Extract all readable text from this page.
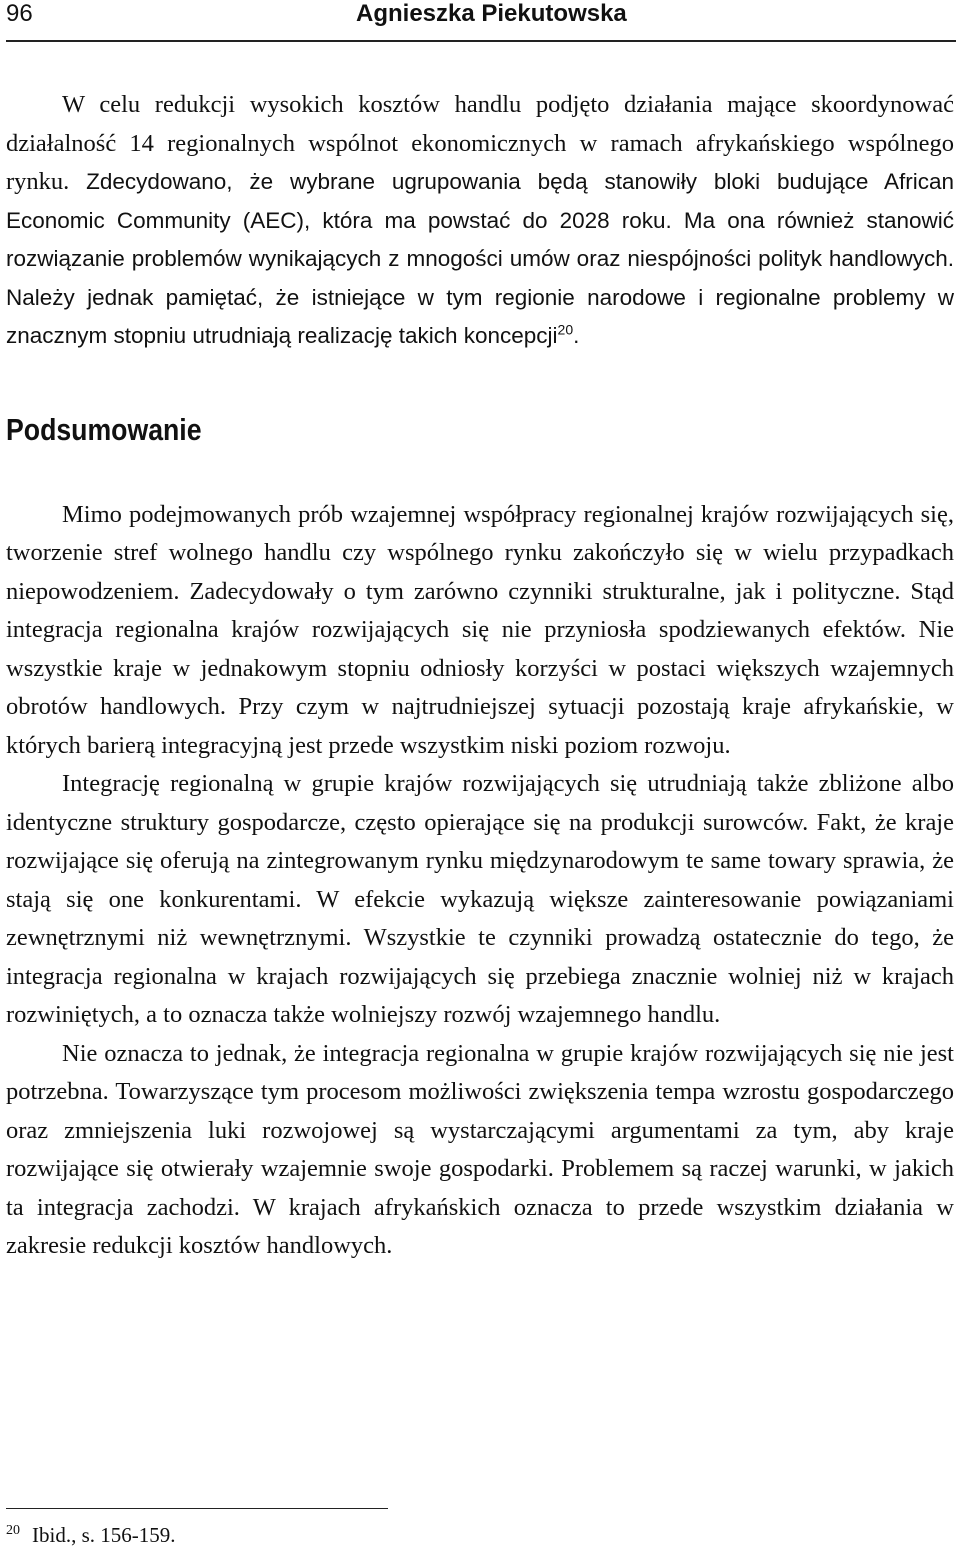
96	Agnieszka Piekutowska

W celu redukcji wysokich kosztów handlu podjęto działania mające skoordynować działalność 14 regionalnych wspólnot ekonomicznych w ramach afrykańskiego wspólnego rynku. Zdecydowano, że wybrane ugrupowania będą stanowiły bloki budujące African Economic Community (AEC), która ma powstać do 2028 roku. Ma ona również stanowić rozwiązanie problemów wynikających z mnogości umów oraz niespójności polityk handlowych. Należy jednak pamiętać, że istniejące w tym regionie narodowe i regionalne problemy w znacznym stopniu utrudniają realizację takich koncepcji$^{20}$.

Podsumowanie

Mimo podejmowanych prób wzajemnej współpracy regionalnej krajów rozwijających się, tworzenie stref wolnego handlu czy wspólnego rynku zakończyło się w wielu przypadkach niepowodzeniem. Zadecydowały o tym zarówno czynniki strukturalne, jak i polityczne. Stąd integracja regionalna krajów rozwijających się nie przyniosła spodziewanych efektów. Nie wszystkie kraje w jednakowym stopniu odniosły korzyści w postaci większych wzajemnych obrotów handlowych. Przy czym w najtrudniejszej sytuacji pozostają kraje afrykańskie, w których barierą integracyjną jest przede wszystkim niski poziom rozwoju.

Integrację regionalną w grupie krajów rozwijających się utrudniają także zbliżone albo identyczne struktury gospodarcze, często opierające się na produkcji surowców. Fakt, że kraje rozwijające się oferują na zintegrowanym rynku międzynarodowym te same towary sprawia, że stają się one konkurentami. W efekcie wykazują większe zainteresowanie powiązaniami zewnętrznymi niż wewnętrznymi. Wszystkie te czynniki prowadzą ostatecznie do tego, że integracja regionalna w krajach rozwijających się przebiega znacznie wolniej niż w krajach rozwiniętych, a to oznacza także wolniejszy rozwój wzajemnego handlu.

Nie oznacza to jednak, że integracja regionalna w grupie krajów rozwijających się nie jest potrzebna. Towarzyszące tym procesom możliwości zwiększenia tempa wzrostu gospodarczego oraz zmniejszenia luki rozwojowej są wystarczającymi argumentami za tym, aby kraje rozwijające się otwierały wzajemnie swoje gospodarki. Problemem są raczej warunki, w jakich ta integracja zachodzi. W krajach afrykańskich oznacza to przede wszystkim działania w zakresie redukcji kosztów handlowych.

$^{20}$ Ibid., s. 156-159.
